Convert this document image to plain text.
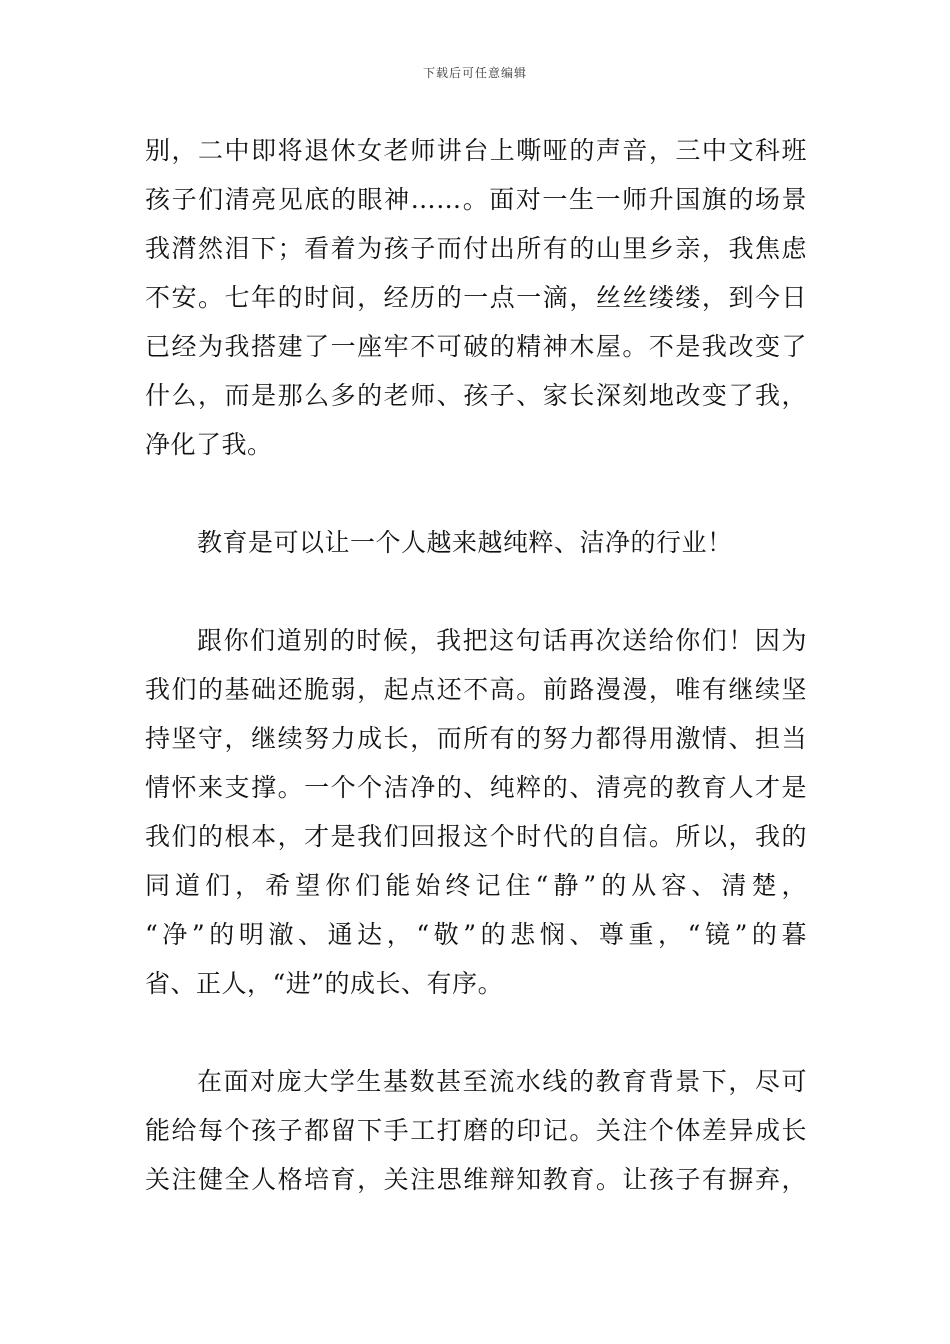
下载后可任意编辑
别，二中即将退休女老师讲台上嘶哑的声音，三中文科班
孩子们清亮见底的眼神……。面对一生一师升国旗的场景
我潸然泪下；看着为孩子而付出所有的山里乡亲，我焦虑
不安。七年的时间，经历的一点一滴，丝丝缕缕，到今日
已经为我搭建了一座牢不可破的精神木屋。不是我改变了
什么，而是那么多的老师、孩子、家长深刻地改变了我，
净化了我。
教育是可以让一个人越来越纯粹、洁净的行业！
跟你们道别的时候，我把这句话再次送给你们！因为
我们的基础还脆弱，起点还不高。前路漫漫，唯有继续坚
持坚守，继续努力成长，而所有的努力都得用激情、担当
情怀来支撑。一个个洁净的、纯粹的、清亮的教育人才是
我们的根本，才是我们回报这个时代的自信。所以，我的
同道们，希望你们能始终记住“静”的从容、清楚，
“净”的明澈、通达，“敬”的悲悯、尊重，“镜”的暮
省、正人，“进”的成长、有序。
在面对庞大学生基数甚至流水线的教育背景下，尽可
能给每个孩子都留下手工打磨的印记。关注个体差异成长
关注健全人格培育，关注思维辩知教育。让孩子有摒弃，
